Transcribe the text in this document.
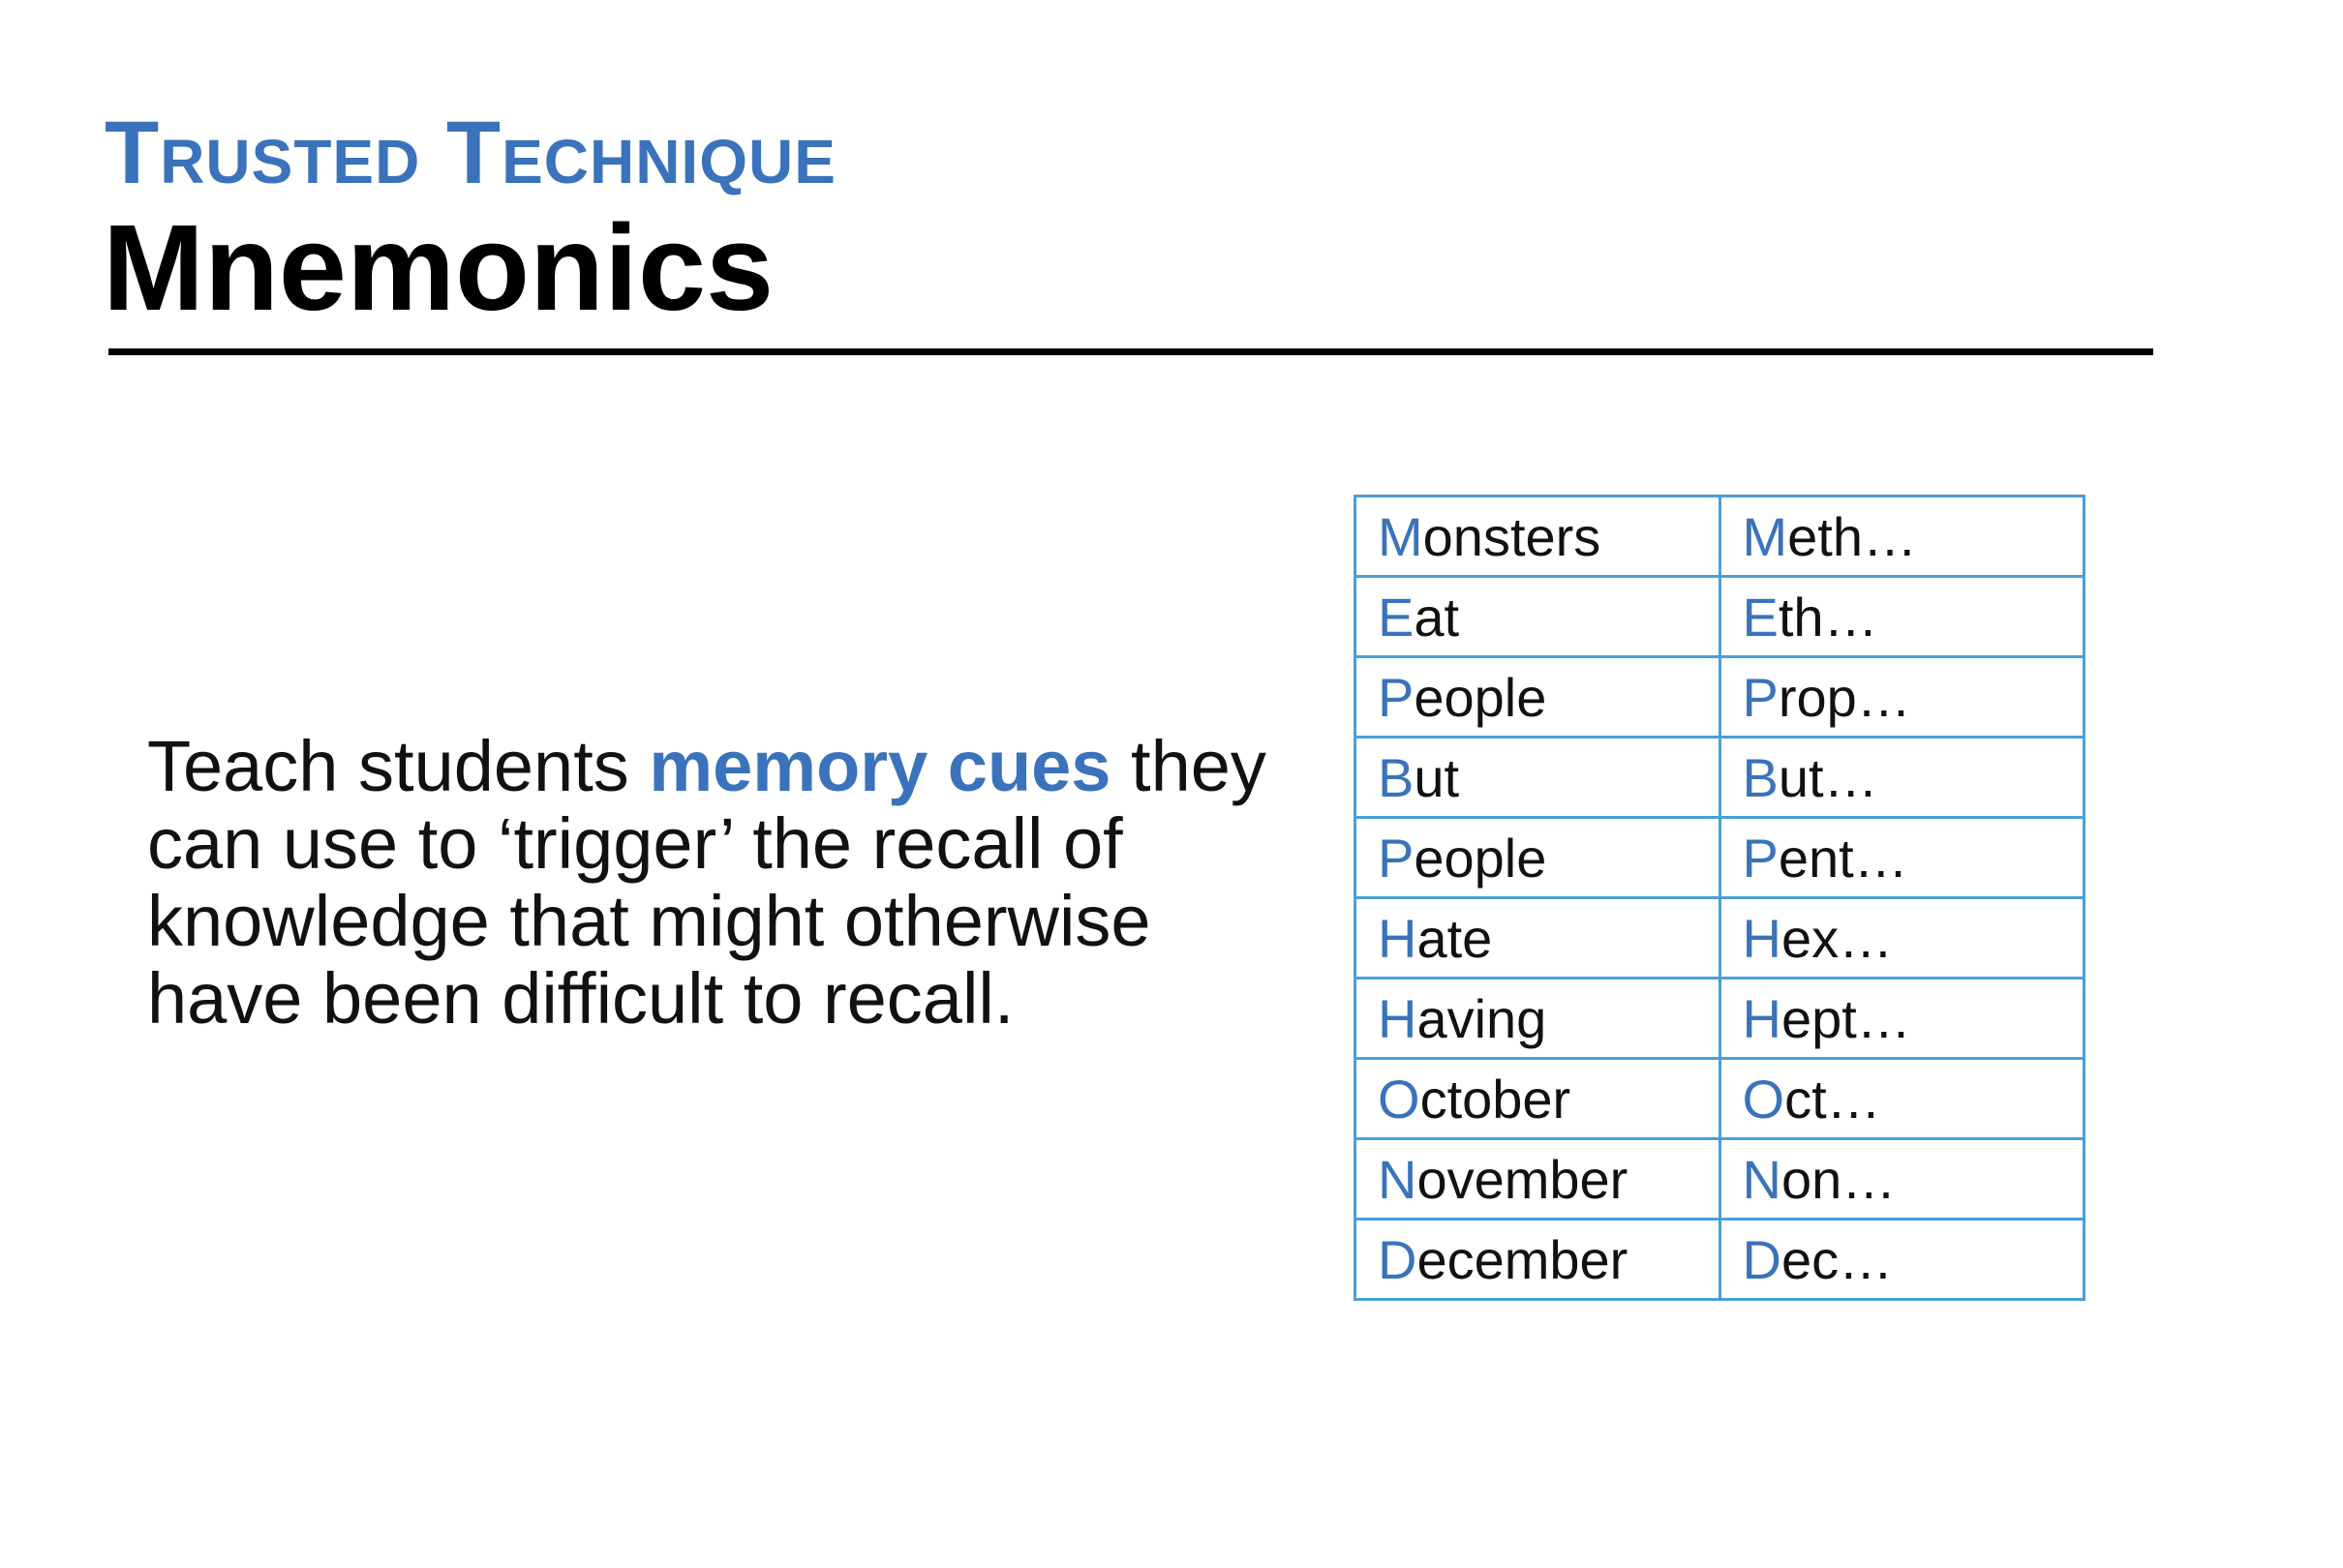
Trusted Technique
Mnemonics

Teach students memory cues they can use to ‘trigger’ the recall of knowledge that might otherwise have been difficult to recall.

Monsters	Meth…
Eat	Eth…
People	Prop…
But	But…
People	Pent…
Hate	Hex…
Having	Hept…
October	Oct…
November	Non…
December	Dec…
